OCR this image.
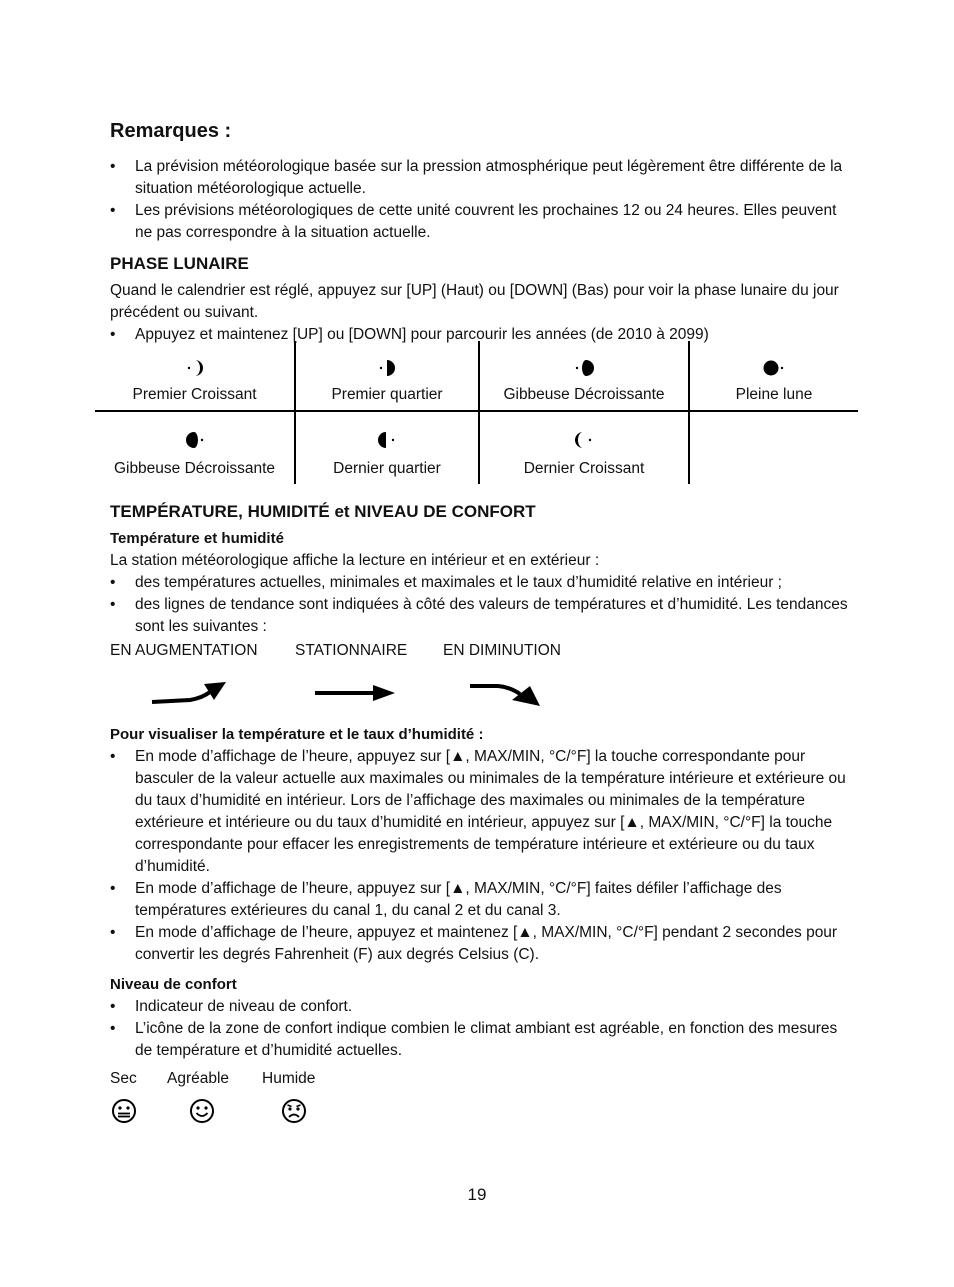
Remarques :
• La prévision météorologique basée sur la pression atmosphérique peut légèrement être différente de la situation météorologique actuelle.
• Les prévisions météorologiques de cette unité couvrent les prochaines 12 ou 24 heures. Elles peuvent ne pas correspondre à la situation actuelle.
PHASE LUNAIRE

Quand le calendrier est réglé, appuyez sur [UP] (Haut) ou [DOWN] (Bas) pour voir la phase lunaire du jour précédent ou suivant.

• Appuyez et maintenez [UP] ou [DOWN] pour parcourir les années (de 2010 à 2099)
Premier Croissant	Premier quartier	Gibbeuse Décroissante	Pleine lune

Gibbeuse Décroissante	Dernier quartier	Dernier Croissant	
TEMPÉRATURE, HUMIDITÉ et NIVEAU DE CONFORT
Température et humidité

La station météorologique affiche la lecture en intérieur et en extérieur :

• des températures actuelles, minimales et maximales et le taux d’humidité relative en intérieur ;
• des lignes de tendance sont indiquées à côté des valeurs de températures et d’humidité. Les tendances sont les suivantes :
EN AUGMENTATION STATIONNAIRE EN DIMINUTION
Pour visualiser la température et le taux d’humidité :
• En mode d’affichage de l’heure, appuyez sur [▲, MAX/MIN, °C/°F] la touche correspondante pour basculer de la valeur actuelle aux maximales ou minimales de la température intérieure et extérieure ou du taux d’humidité en intérieur. Lors de l’affichage des maximales ou minimales de la température extérieure et intérieure ou du taux d’humidité en intérieur, appuyez sur [▲, MAX/MIN, °C/°F] la touche correspondante pour effacer les enregistrements de température intérieure et extérieure ou du taux d’humidité.
• En mode d’affichage de l’heure, appuyez sur [▲, MAX/MIN, °C/°F] faites défiler l’affichage des températures extérieures du canal 1, du canal 2 et du canal 3.
• En mode d’affichage de l’heure, appuyez et maintenez [▲, MAX/MIN, °C/°F] pendant 2 secondes pour convertir les degrés Fahrenheit (F) aux degrés Celsius (C).
Niveau de confort
• Indicateur de niveau de confort.
• L’icône de la zone de confort indique combien le climat ambiant est agréable, en fonction des mesures de température et d’humidité actuelles.
Sec Agréable Humide
19
